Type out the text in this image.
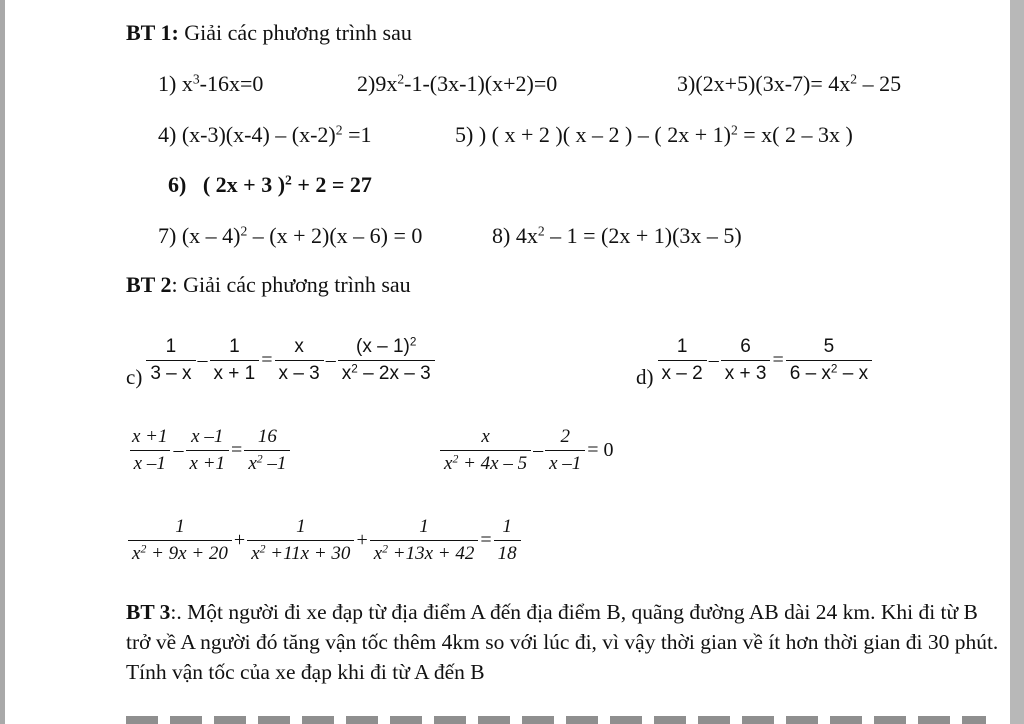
BT 1: Giải các phương trình sau
1) $x^3-16x=0$	$2)9x^2-1-(3x-1)(x+2)=0$	$3)(2x+5)(3x-7)= 4x^2 - 25$
4) $(x-3)(x-4) - (x-2)^2 =1$	5) ) ( x + 2 )( x – 2 ) – ( 2x + 1)$^2$ = x( 2 – 3x )
6) ( 2x + 3 )$^2$ + 2 = 27
7) (x – 4)$^2$ – (x + 2)(x – 6) = 0	8) $4x^2 - 1 = (2x + 1)(3x - 5)$
BT 2: Giải các phương trình sau
$c) \frac{1}{3 - x} - \frac{1}{x + 1} = \frac{x}{x - 3} - \frac{(x - 1)^2}{x^2 - 2x - 3}$	$d) \frac{1}{x - 2} - \frac{6}{x + 3} = \frac{5}{6 - x^2 - x}$
$\frac{x +1}{x -1} - \frac{x -1}{x +1} = \frac{16}{x^2 -1}$	$\frac{x}{x^2 + 4x - 5} - \frac{2}{x -1} = 0$
$\frac{1}{x^2 + 9x + 20} + \frac{1}{x^2 +11x + 30} + \frac{1}{x^2 +13x + 42} = \frac{1}{18}$
BT 3:. Một người đi xe đạp từ địa điểm A đến địa điểm B, quãng đường AB dài 24 km. Khi đi từ B trở về A người đó tăng vận tốc thêm 4km so với lúc đi, vì vậy thời gian về ít hơn thời gian đi 30 phút. Tính vận tốc của xe đạp khi đi từ A đến B
